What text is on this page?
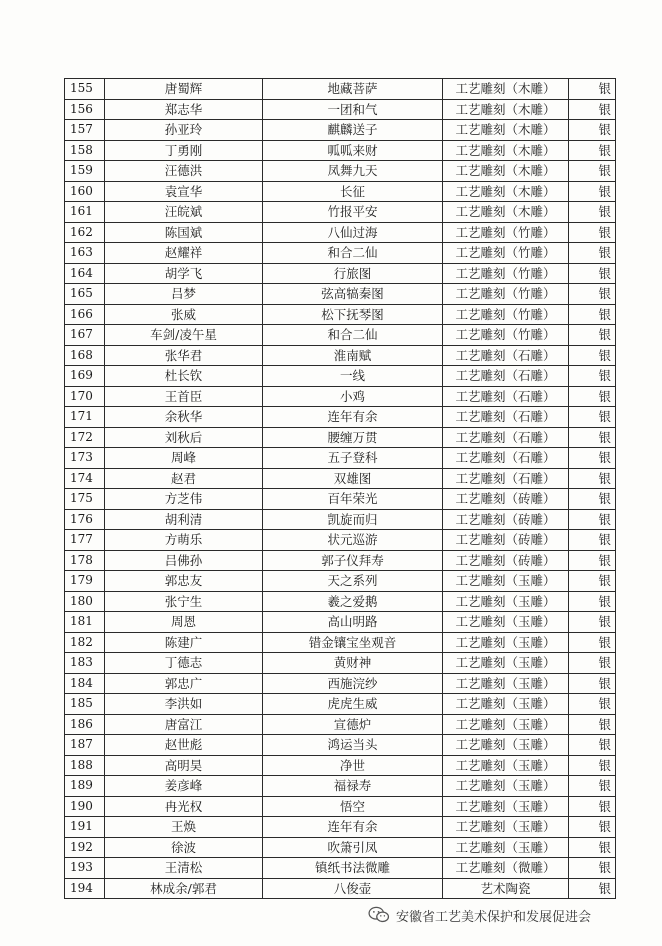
155	唐蜀辉	地藏菩萨	工艺雕刻（木雕）	银
156	郑志华	一团和气	工艺雕刻（木雕）	银
157	孙亚玲	麒麟送子	工艺雕刻（木雕）	银
158	丁勇刚	呱呱来财	工艺雕刻（木雕）	银
159	汪德洪	凤舞九天	工艺雕刻（木雕）	银
160	袁宣华	长征	工艺雕刻（木雕）	银
161	汪皖斌	竹报平安	工艺雕刻（木雕）	银
162	陈国斌	八仙过海	工艺雕刻（竹雕）	银
163	赵耀祥	和合二仙	工艺雕刻（竹雕）	银
164	胡学飞	行旅图	工艺雕刻（竹雕）	银
165	吕梦	弦高犒秦图	工艺雕刻（竹雕）	银
166	张威	松下抚琴图	工艺雕刻（竹雕）	银
167	车剑/凌午星	和合二仙	工艺雕刻（竹雕）	银
168	张华君	淮南赋	工艺雕刻（石雕）	银
169	杜长钦	一线	工艺雕刻（石雕）	银
170	王首臣	小鸡	工艺雕刻（石雕）	银
171	余秋华	连年有余	工艺雕刻（石雕）	银
172	刘秋后	腰缠万贯	工艺雕刻（石雕）	银
173	周峰	五子登科	工艺雕刻（石雕）	银
174	赵君	双雄图	工艺雕刻（石雕）	银
175	方芝伟	百年荣光	工艺雕刻（砖雕）	银
176	胡利清	凯旋而归	工艺雕刻（砖雕）	银
177	方萌乐	状元巡游	工艺雕刻（砖雕）	银
178	吕佛孙	郭子仪拜寿	工艺雕刻（砖雕）	银
179	郭忠友	天之系列	工艺雕刻（玉雕）	银
180	张宁生	羲之爱鹅	工艺雕刻（玉雕）	银
181	周恩	高山明路	工艺雕刻（玉雕）	银
182	陈建广	错金镶宝坐观音	工艺雕刻（玉雕）	银
183	丁德志	黄财神	工艺雕刻（玉雕）	银
184	郭忠广	西施浣纱	工艺雕刻（玉雕）	银
185	李洪如	虎虎生威	工艺雕刻（玉雕）	银
186	唐富江	宣德炉	工艺雕刻（玉雕）	银
187	赵世彪	鸿运当头	工艺雕刻（玉雕）	银
188	高明昊	净世	工艺雕刻（玉雕）	银
189	姜彦峰	福禄寿	工艺雕刻（玉雕）	银
190	冉光权	悟空	工艺雕刻（玉雕）	银
191	王焕	连年有余	工艺雕刻（玉雕）	银
192	徐波	吹箫引凤	工艺雕刻（玉雕）	银
193	王清松	镇纸书法微雕	工艺雕刻（微雕）	银
194	林成余/郭君	八俊壶	艺术陶瓷	银
安徽省工艺美术保护和发展促进会
